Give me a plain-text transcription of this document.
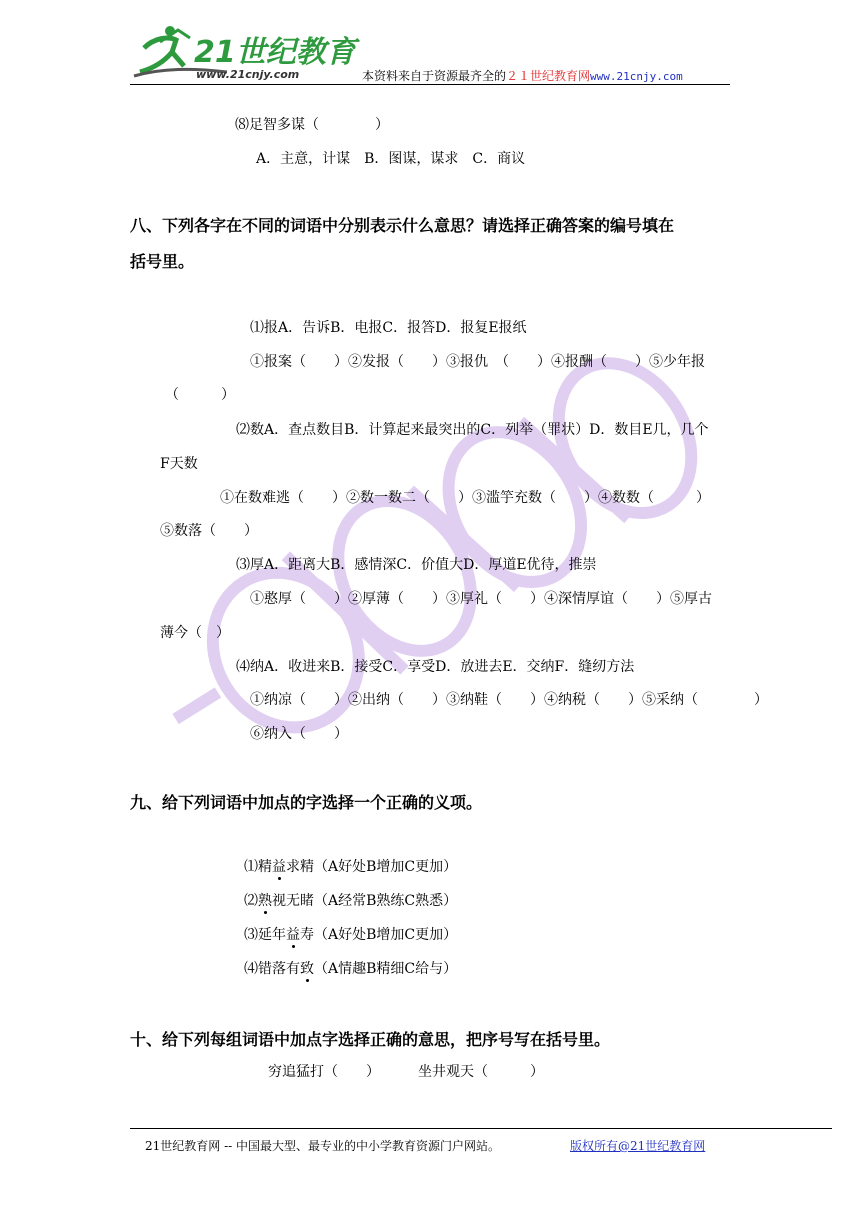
21世纪教育
www.21cnjy.com	本资料来自于资源最齐全的２１世纪教育网www.21cnjy.com
⑻足智多谋（　　　　）
A．主意，计谋　B．图谋，谋求　C．商议
八、下列各字在不同的词语中分别表示什么意思？请选择正确答案的编号填在
括号里。
⑴报A．告诉B．电报C．报答D．报复E报纸
①报案（　　）②发报（　　）③报仇　（　　）④报酬（　　）⑤少年报
（　　　）
⑵数A．查点数目B．计算起来最突出的C．列举（罪状）D．数目E几，几个
F天数
①在数难逃（　　）②数一数二（　　）③滥竽充数（　　）④数数（　　　）
⑤数落（　　）
⑶厚A．距离大B．感情深C．价值大D．厚道E优待，推崇
①憨厚（　　）②厚薄（　　）③厚礼（　　）④深情厚谊（　　）⑤厚古
薄今（　）
⑷纳A．收进来B．接受C．享受D．放进去E．交纳F．缝纫方法
①纳凉（　　）②出纳（　　）③纳鞋（　　）④纳税（　　）⑤采纳（　　　　）
⑥纳入（　　）
九、给下列词语中加点的字选择一个正确的义项。
⑴精益求精（A好处B增加C更加）
⑵熟视无睹（A经常B熟练C熟悉）
⑶延年益寿（A好处B增加C更加）
⑷错落有致（A情趣B精细C给与）
十、给下列每组词语中加点字选择正确的意思，把序号写在括号里。
穷追猛打（　　）	坐井观天（　　　）
21世纪教育网 -- 中国最大型、最专业的中小学教育资源门户网站。	版权所有@21世纪教育网
